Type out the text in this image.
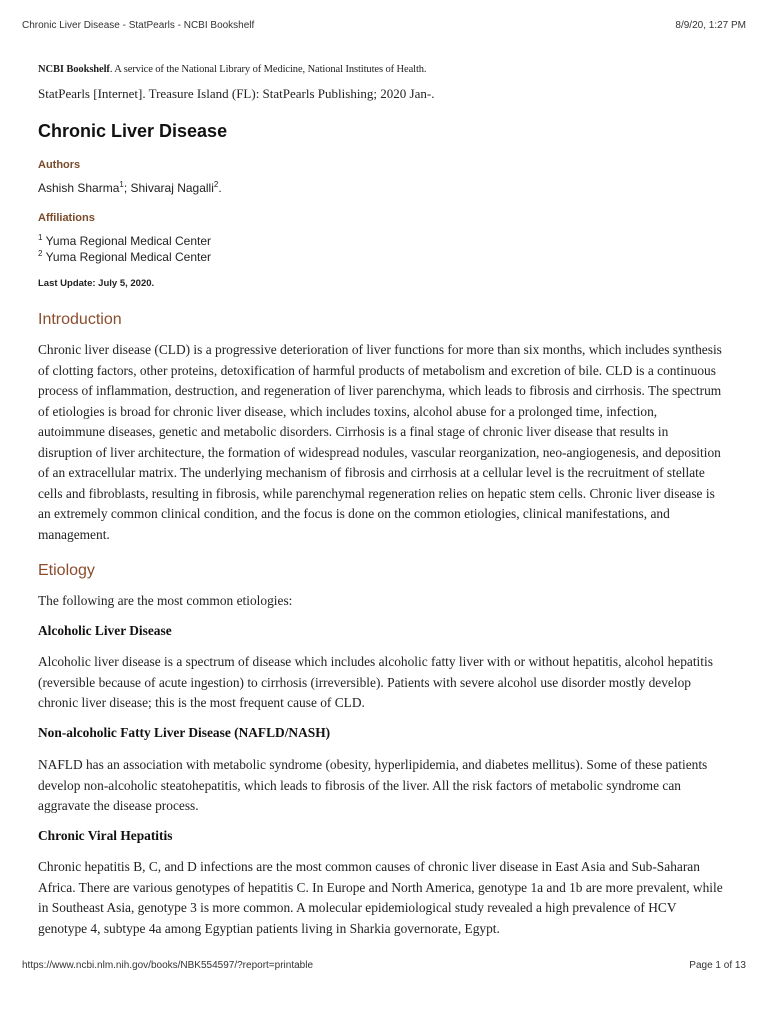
Chronic Liver Disease - StatPearls - NCBI Bookshelf	8/9/20, 1:27 PM
NCBI Bookshelf. A service of the National Library of Medicine, National Institutes of Health.
StatPearls [Internet]. Treasure Island (FL): StatPearls Publishing; 2020 Jan-.
Chronic Liver Disease
Authors
Ashish Sharma$^1$; Shivaraj Nagalli$^2$.
Affiliations
$^1$ Yuma Regional Medical Center
$^2$ Yuma Regional Medical Center
Last Update: July 5, 2020.
Introduction

Chronic liver disease (CLD) is a progressive deterioration of liver functions for more than six months, which includes synthesis of clotting factors, other proteins, detoxification of harmful products of metabolism and excretion of bile. CLD is a continuous process of inflammation, destruction, and regeneration of liver parenchyma, which leads to fibrosis and cirrhosis. The spectrum of etiologies is broad for chronic liver disease, which includes toxins, alcohol abuse for a prolonged time, infection, autoimmune diseases, genetic and metabolic disorders. Cirrhosis is a final stage of chronic liver disease that results in disruption of liver architecture, the formation of widespread nodules, vascular reorganization, neo-angiogenesis, and deposition of an extracellular matrix. The underlying mechanism of fibrosis and cirrhosis at a cellular level is the recruitment of stellate cells and fibroblasts, resulting in fibrosis, while parenchymal regeneration relies on hepatic stem cells. Chronic liver disease is an extremely common clinical condition, and the focus is done on the common etiologies, clinical manifestations, and management.

Etiology

The following are the most common etiologies:

Alcoholic Liver Disease

Alcoholic liver disease is a spectrum of disease which includes alcoholic fatty liver with or without hepatitis, alcohol hepatitis (reversible because of acute ingestion) to cirrhosis (irreversible). Patients with severe alcohol use disorder mostly develop chronic liver disease; this is the most frequent cause of CLD.

Non-alcoholic Fatty Liver Disease (NAFLD/NASH)

NAFLD has an association with metabolic syndrome (obesity, hyperlipidemia, and diabetes mellitus). Some of these patients develop non-alcoholic steatohepatitis, which leads to fibrosis of the liver. All the risk factors of metabolic syndrome can aggravate the disease process.

Chronic Viral Hepatitis

Chronic hepatitis B, C, and D infections are the most common causes of chronic liver disease in East Asia and Sub-Saharan Africa. There are various genotypes of hepatitis C. In Europe and North America, genotype 1a and 1b are more prevalent, while in Southeast Asia, genotype 3 is more common. A molecular epidemiological study revealed a high prevalence of HCV genotype 4, subtype 4a among Egyptian patients living in Sharkia governorate, Egypt.

https://www.ncbi.nlm.nih.gov/books/NBK554597/?report=printable	Page 1 of 13
